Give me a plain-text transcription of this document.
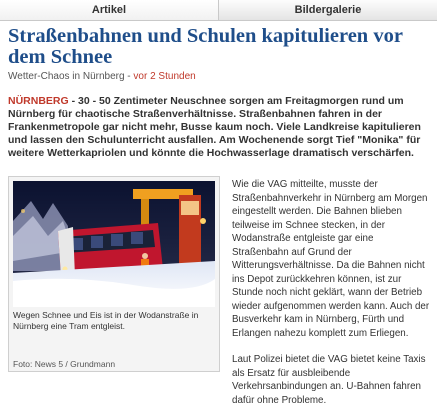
Artikel	Bildergalerie
Straßenbahnen und Schulen kapitulieren vor dem Schnee
Wetter-Chaos in Nürnberg - vor 2 Stunden

NÜRNBERG - 30 - 50 Zentimeter Neuschnee sorgen am Freitagmorgen rund um Nürnberg für chaotische Straßenverhältnisse. Straßenbahnen fahren in der Frankenmetropole gar nicht mehr, Busse kaum noch. Viele Landkreise kapitulieren und lassen den Schulunterricht ausfallen. Am Wochenende sorgt Tief "Monika" für weitere Wetterkapriolen und könnte die Hochwasserlage dramatisch verschärfen.

Wegen Schnee und Eis ist in der Wodanstraße in Nürnberg eine Tram entgleist.
Foto: News 5 / Grundmann

Wie die VAG mitteilte, musste der Straßenbahnverkehr in Nürnberg am Morgen eingestellt werden. Die Bahnen blieben teilweise im Schnee stecken, in der Wodanstraße entgleiste gar eine Straßenbahn auf Grund der Witterungsverhältnisse. Da die Bahnen nicht ins Depot zurückkehren können, ist zur Stunde noch nicht geklärt, wann der Betrieb wieder aufgenommen werden kann. Auch der Busverkehr kam in Nürnberg, Fürth und Erlangen nahezu komplett zum Erliegen.

Laut Polizei bietet die VAG bietet keine Taxis als Ersatz für ausbleibende Verkehrsanbindungen an. U-Bahnen fahren dafür ohne Probleme.
